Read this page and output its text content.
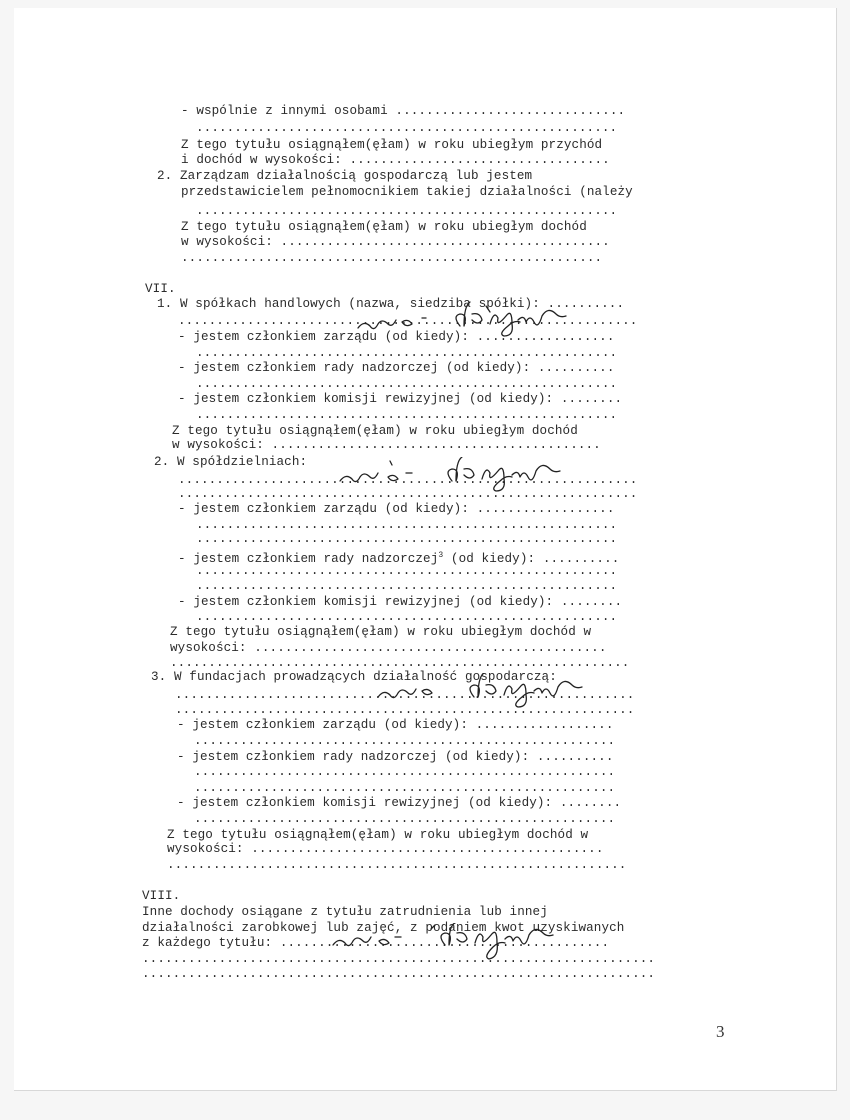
- wspólnie z innymi osobami ..............................
.......................................................
Z tego tytułu osiągnąłem(ęłam) w roku ubiegłym przychód
i dochód w wysokości: ..................................
2. Zarządzam działalnością gospodarczą lub jestem
przedstawicielem pełnomocnikiem takiej działalności (należy
.......................................................
Z tego tytułu osiągnąłem(ęłam) w roku ubiegłym dochód
w wysokości: ...........................................
.......................................................
VII.
1. W spółkach handlowych (nazwa, siedziba spółki): ..........
............................................................
- jestem członkiem zarządu (od kiedy): ..................
.......................................................
- jestem członkiem rady nadzorczej (od kiedy): ..........
.......................................................
- jestem członkiem komisji rewizyjnej (od kiedy): ........
.......................................................
Z tego tytułu osiągnąłem(ęłam) w roku ubiegłym dochód
w wysokości: ...........................................
2. W spółdzielniach:
............................................................
............................................................
- jestem członkiem zarządu (od kiedy): ..................
.......................................................
.......................................................
- jestem członkiem rady nadzorczej$^3$ (od kiedy): ..........
.......................................................
.......................................................
- jestem członkiem komisji rewizyjnej (od kiedy): ........
.......................................................
Z tego tytułu osiągnąłem(ęłam) w roku ubiegłym dochód w
wysokości: ..............................................
............................................................
3. W fundacjach prowadzących działalność gospodarczą:
............................................................
............................................................
- jestem członkiem zarządu (od kiedy): ..................
.......................................................
- jestem członkiem rady nadzorczej (od kiedy): ..........
.......................................................
.......................................................
- jestem członkiem komisji rewizyjnej (od kiedy): ........
.......................................................
Z tego tytułu osiągnąłem(ęłam) w roku ubiegłym dochód w
wysokości: ..............................................
............................................................
VIII.
Inne dochody osiągane z tytułu zatrudnienia lub innej
działalności zarobkowej lub zajęć, z podaniem kwot uzyskiwanych
z każdego tytułu: ...........................................
...................................................................
...................................................................
3
